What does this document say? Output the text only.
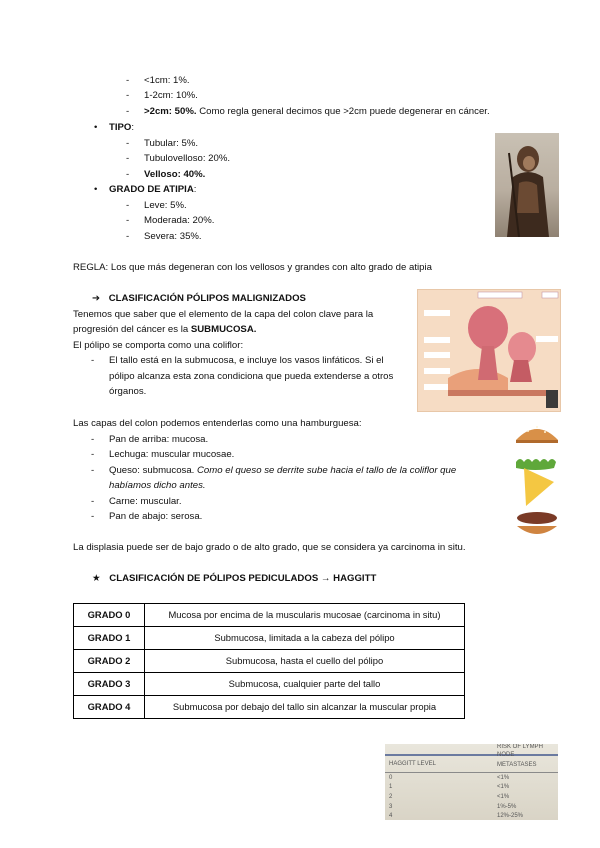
- <1cm: 1%.
- 1-2cm: 10%.
- >2cm: 50%. Como regla general decimos que >2cm puede degenerar en cáncer.
• TIPO:
- Tubular: 5%.
- Tubulovelloso: 20%.
- Velloso: 40%.
• GRADO DE ATIPIA:
- Leve: 5%.
- Moderada: 20%.
- Severa: 35%.
REGLA: Los que más degeneran con los vellosos y grandes con alto grado de atipia
➔ CLASIFICACIÓN PÓLIPOS MALIGNIZADOS
Tenemos que saber que el elemento de la capa del colon clave para la
progresión del cáncer es la SUBMUCOSA.
El pólipo se comporta como una coliflor:
- El tallo está en la submucosa, e incluye los vasos linfáticos. Si el
pólipo alcanza esta zona condiciona que pueda extenderse a otros
órganos.
Las capas del colon podemos entenderlas como una hamburguesa:
- Pan de arriba: mucosa.
- Lechuga: muscular mucosae.
- Queso: submucosa. Como el queso se derrite sube hacia el tallo de la coliflor que
habíamos dicho antes.
- Carne: muscular.
- Pan de abajo: serosa.
La displasia puede ser de bajo grado o de alto grado, que se considera ya carcinoma in situ.
★ CLASIFICACIÓN DE PÓLIPOS PEDICULADOS → HAGGITT
GRADO 0	Mucosa por encima de la muscularis mucosae (carcinoma in situ)
GRADO 1	Submucosa, limitada a la cabeza del pólipo
GRADO 2	Submucosa, hasta el cuello del pólipo
GRADO 3	Submucosa, cualquier parte del tallo
GRADO 4	Submucosa por debajo del tallo sin alcanzar la muscular propia
HAGGITT LEVEL
RISK OF LYMPH NODE
METASTASES
0	<1%
1	<1%
2	<1%
3	1%-5%
4	12%-25%
